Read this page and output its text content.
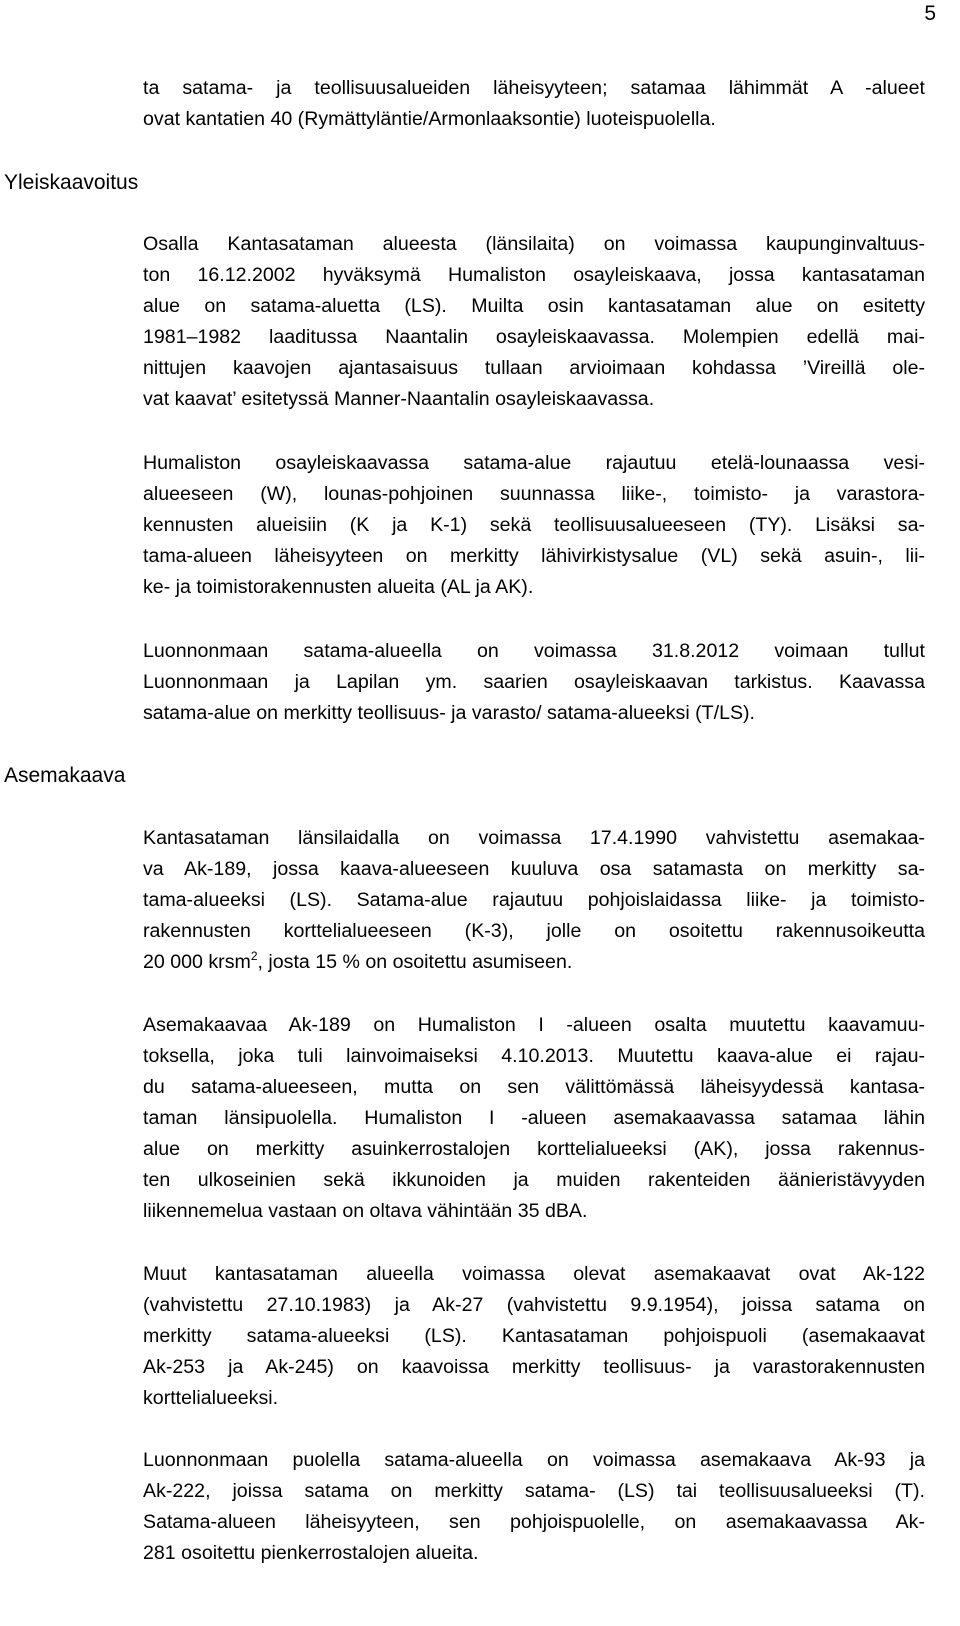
5
Yleiskaavoitus
Asemakaava

ta satama- ja teollisuusalueiden läheisyyteen; satamaa lähimmät A -alueet
ovat kantatien 40 (Rymättyläntie/Armonlaaksontie) luoteispuolella.

Osalla Kantasataman alueesta (länsilaita) on voimassa kaupunginvaltuus-
ton 16.12.2002 hyväksymä Humaliston osayleiskaava, jossa kantasataman
alue on satama-aluetta (LS). Muilta osin kantasataman alue on esitetty
1981–1982 laaditussa Naantalin osayleiskaavassa. Molempien edellä mai-
nittujen kaavojen ajantasaisuus tullaan arvioimaan kohdassa ’Vireillä ole-
vat kaavat’ esitetyssä Manner-Naantalin osayleiskaavassa.

Humaliston osayleiskaavassa satama-alue rajautuu etelä-lounaassa vesi-
alueeseen (W), lounas-pohjoinen suunnassa liike-, toimisto- ja varastora-
kennusten alueisiin (K ja K-1) sekä teollisuusalueeseen (TY). Lisäksi sa-
tama-alueen läheisyyteen on merkitty lähivirkistysalue (VL) sekä asuin-, lii-
ke- ja toimistorakennusten alueita (AL ja AK).

Luonnonmaan satama-alueella on voimassa 31.8.2012 voimaan tullut
Luonnonmaan ja Lapilan ym. saarien osayleiskaavan tarkistus. Kaavassa
satama-alue on merkitty teollisuus- ja varasto/ satama-alueeksi (T/LS).

Kantasataman länsilaidalla on voimassa 17.4.1990 vahvistettu asemakaa-
va Ak-189, jossa kaava-alueeseen kuuluva osa satamasta on merkitty sa-
tama-alueeksi (LS). Satama-alue rajautuu pohjoislaidassa liike- ja toimisto-
rakennusten korttelialueeseen (K-3), jolle on osoitettu rakennusoikeutta
20 000 krsm$^2$, josta 15 % on osoitettu asumiseen.

Asemakaavaa Ak-189 on Humaliston I -alueen osalta muutettu kaavamuu-
toksella, joka tuli lainvoimaiseksi 4.10.2013. Muutettu kaava-alue ei rajau-
du satama-alueeseen, mutta on sen välittömässä läheisyydessä kantasa-
taman länsipuolella. Humaliston I -alueen asemakaavassa satamaa lähin
alue on merkitty asuinkerrostalojen korttelialueeksi (AK), jossa rakennus-
ten ulkoseinien sekä ikkunoiden ja muiden rakenteiden äänieristävyyden
liikennemelua vastaan on oltava vähintään 35 dBA.

Muut kantasataman alueella voimassa olevat asemakaavat ovat Ak-122
(vahvistettu 27.10.1983) ja Ak-27 (vahvistettu 9.9.1954), joissa satama on
merkitty satama-alueeksi (LS). Kantasataman pohjoispuoli (asemakaavat
Ak-253 ja Ak-245) on kaavoissa merkitty teollisuus- ja varastorakennusten
korttelialueeksi.

Luonnonmaan puolella satama-alueella on voimassa asemakaava Ak-93 ja
Ak-222, joissa satama on merkitty satama- (LS) tai teollisuusalueeksi (T).
Satama-alueen läheisyyteen, sen pohjoispuolelle, on asemakaavassa Ak-
281 osoitettu pienkerrostalojen alueita.
